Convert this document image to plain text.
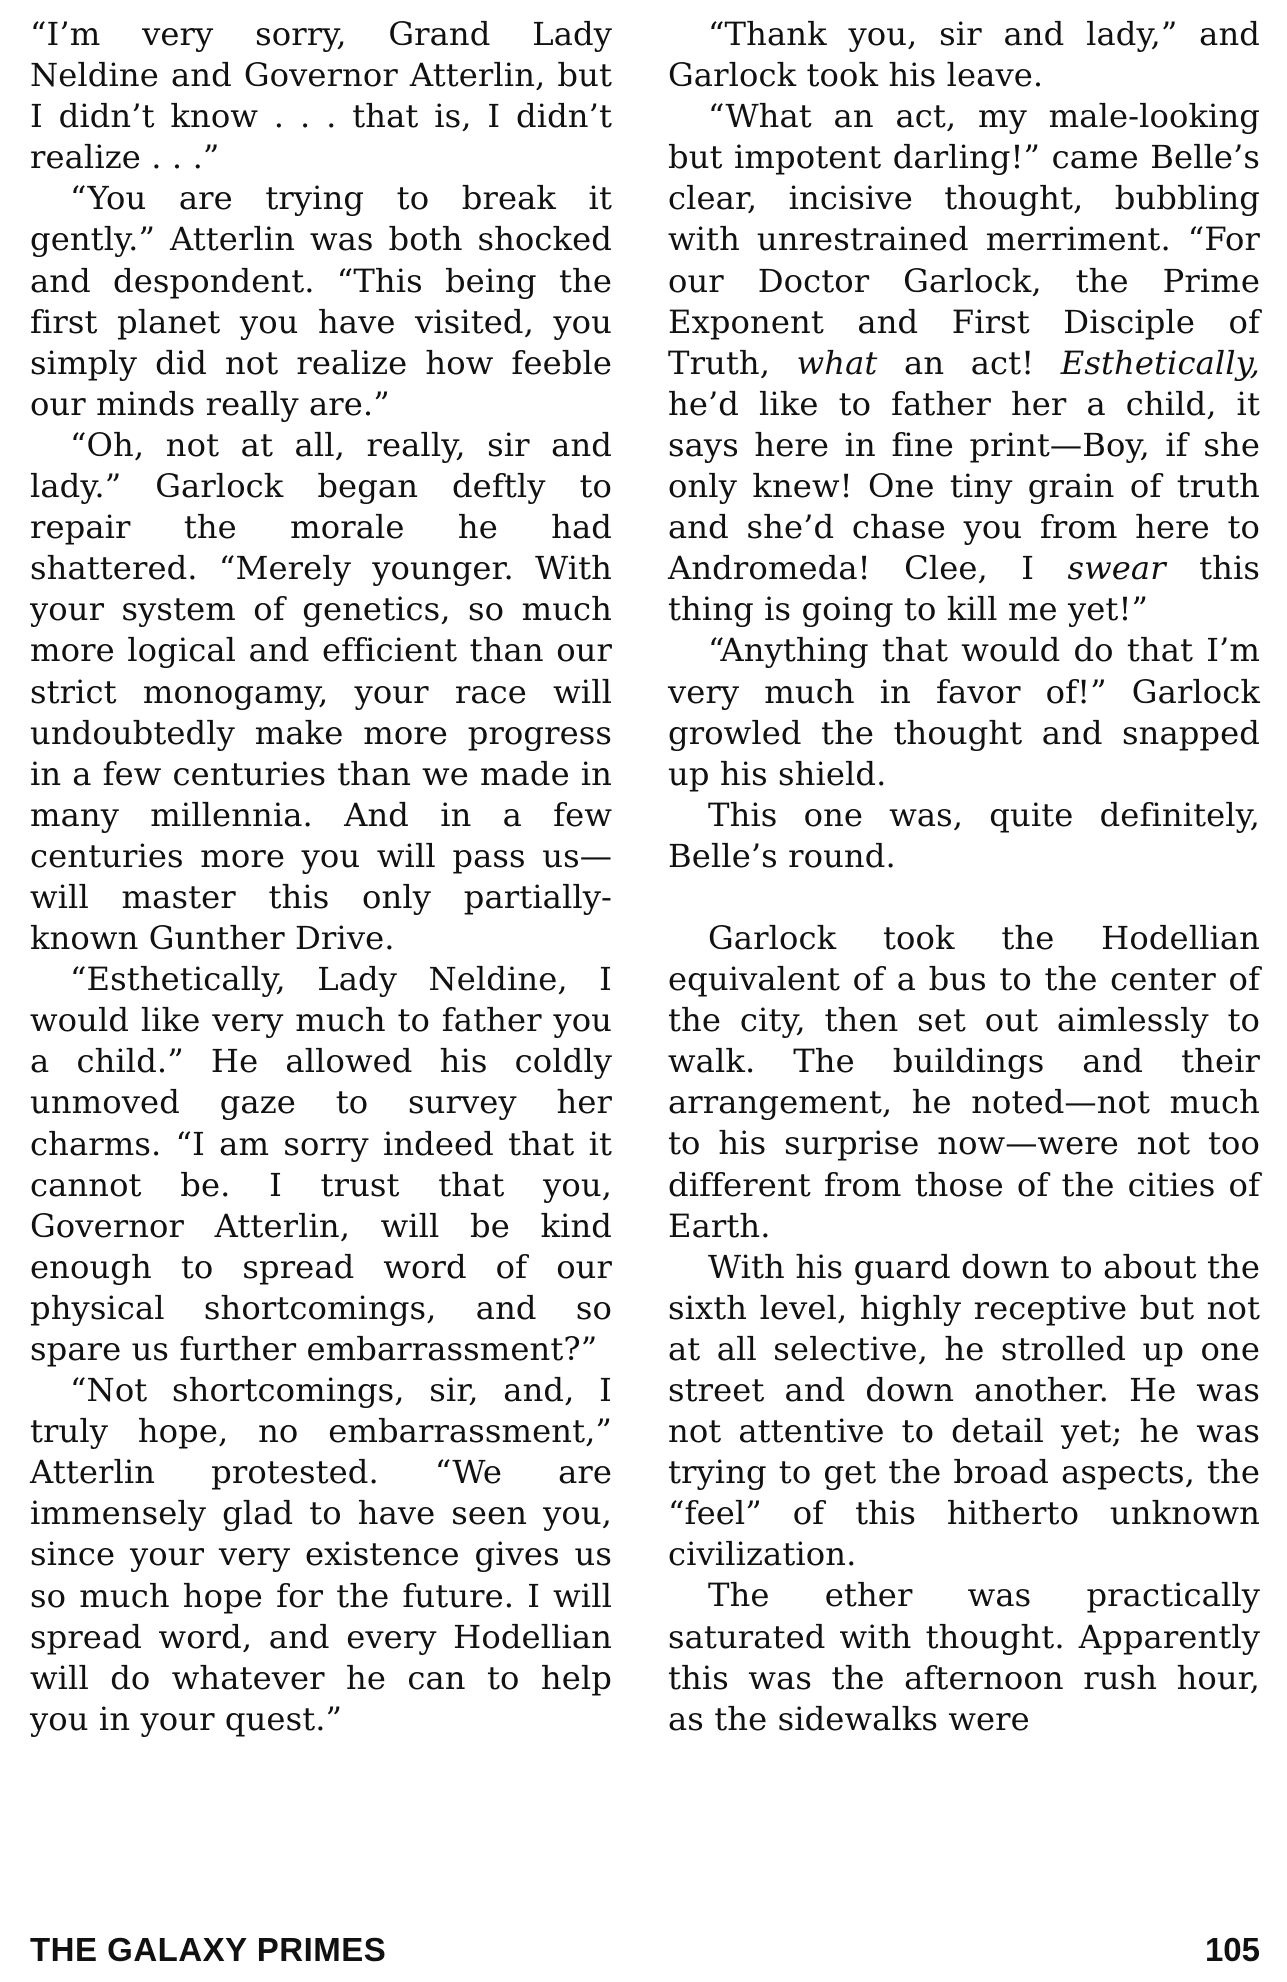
“I’m very sorry, Grand Lady Neldine and Governor Atterlin, but I didn’t know . . . that is, I didn’t realize . . .”

“You are trying to break it gently.” Atterlin was both shocked and despondent. “This being the first planet you have visited, you simply did not realize how feeble our minds really are.”

“Oh, not at all, really, sir and lady.” Garlock began deftly to repair the morale he had shattered. “Merely younger. With your system of genetics, so much more logical and efficient than our strict monogamy, your race will undoubtedly make more progress in a few centuries than we made in many millennia. And in a few centuries more you will pass us—will master this only partially-known Gunther Drive.

“Esthetically, Lady Neldine, I would like very much to father you a child.” He allowed his coldly unmoved gaze to survey her charms. “I am sorry indeed that it cannot be. I trust that you, Governor Atterlin, will be kind enough to spread word of our physical shortcomings, and so spare us further embarrassment?”

“Not shortcomings, sir, and, I truly hope, no embarrassment,” Atterlin protested. “We are immensely glad to have seen you, since your very existence gives us so much hope for the future. I will spread word, and every Hodellian will do whatever he can to help you in your quest.”

“Thank you, sir and lady,” and Garlock took his leave.

“What an act, my male-looking but impotent darling!” came Belle’s clear, incisive thought, bubbling with unrestrained merriment. “For our Doctor Garlock, the Prime Exponent and First Disciple of Truth, what an act! Esthetically, he’d like to father her a child, it says here in fine print—Boy, if she only knew! One tiny grain of truth and she’d chase you from here to Andromeda! Clee, I swear this thing is going to kill me yet!”

“Anything that would do that I’m very much in favor of!” Garlock growled the thought and snapped up his shield.

This one was, quite definitely, Belle’s round.

Garlock took the Hodellian equivalent of a bus to the center of the city, then set out aimlessly to walk. The buildings and their arrangement, he noted—not much to his surprise now—were not too different from those of the cities of Earth.

With his guard down to about the sixth level, highly receptive but not at all selective, he strolled up one street and down another. He was not attentive to detail yet; he was trying to get the broad aspects, the “feel” of this hitherto unknown civilization.

The ether was practically saturated with thought. Apparently this was the afternoon rush hour, as the sidewalks were

THE GALAXY PRIMES	105
